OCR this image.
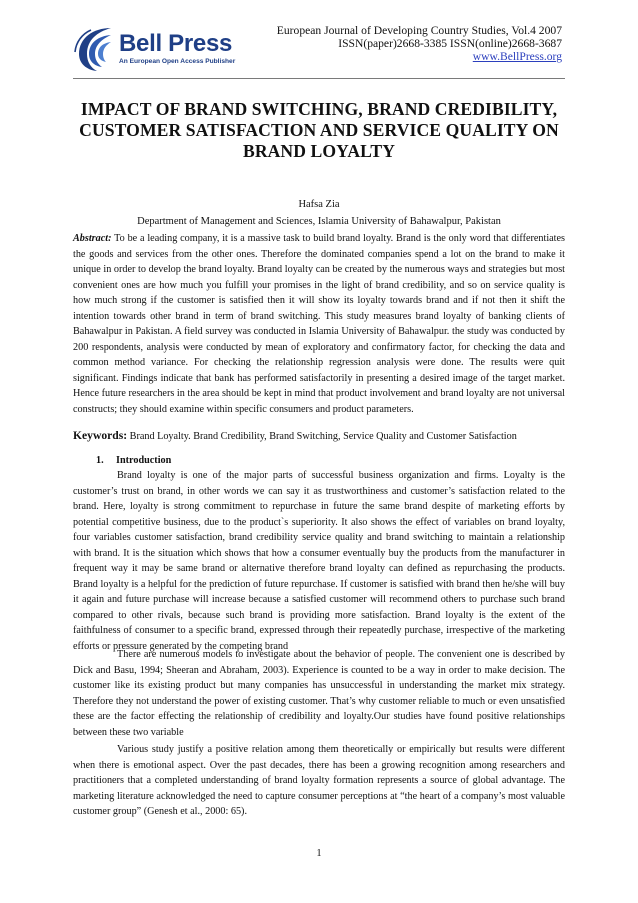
Bell Press
An European Open Access Publisher
European Journal of Developing Country Studies, Vol.4 2007
ISSN(paper)2668-3385 ISSN(online)2668-3687
www.BellPress.org
IMPACT OF BRAND SWITCHING, BRAND CREDIBILITY, CUSTOMER SATISFACTION AND SERVICE QUALITY ON BRAND LOYALTY
Hafsa Zia
Department of Management and Sciences, Islamia University of Bahawalpur, Pakistan
Abstract: To be a leading company, it is a massive task to build brand loyalty. Brand is the only word that differentiates the goods and services from the other ones. Therefore the dominated companies spend a lot on the brand to make it unique in order to develop the brand loyalty. Brand loyalty can be created by the numerous ways and strategies but most convenient ones are how much you fulfill your promises in the light of brand credibility, and so on service quality is how much strong if the customer is satisfied then it will show its loyalty towards brand and if not then it shift the intention towards other brand in term of brand switching. This study measures brand loyalty of banking clients of Bahawalpur in Pakistan. A field survey was conducted in Islamia University of Bahawalpur. the study was conducted by 200 respondents, analysis were conducted by mean of exploratory and confirmatory factor, for checking the data and common method variance. For checking the relationship regression analysis were done. The results were quit significant. Findings indicate that bank has performed satisfactorily in presenting a desired image of the target market. Hence future researchers in the area should be kept in mind that product involvement and brand loyalty are not universal constructs; they should examine within specific consumers and product parameters.
Keywords: Brand Loyalty. Brand Credibility, Brand Switching, Service Quality and Customer Satisfaction
1. Introduction
Brand loyalty is one of the major parts of successful business organization and firms. Loyalty is the customer’s trust on brand, in other words we can say it as trustworthiness and customer’s satisfaction related to the brand. Here, loyalty is strong commitment to repurchase in future the same brand despite of marketing efforts by potential competitive business, due to the product`s superiority. It also shows the effect of variables on brand loyalty, four variables customer satisfaction, brand credibility service quality and brand switching to maintain a relationship with brand. It is the situation which shows that how a consumer eventually buy the products from the manufacturer in frequent way it may be same brand or alternative therefore brand loyalty can defined as repurchasing the products. Brand loyalty is a helpful for the prediction of future repurchase. If customer is satisfied with brand then he/she will buy it again and future purchase will increase because a satisfied customer will recommend others to purchase such brand compared to other rivals, because such brand is providing more satisfaction. Brand loyalty is the extent of the faithfulness of consumer to a specific brand, expressed through their repeatedly purchase, irrespective of the marketing efforts or pressure generated by the competing brand
There are numerous models to investigate about the behavior of people. The convenient one is described by Dick and Basu, 1994; Sheeran and Abraham, 2003). Experience is counted to be a way in order to make decision. The customer like its existing product but many companies has unsuccessful in understanding the market mix strategy. Therefore they not understand the power of existing customer. That’s why customer reliable to much or even unsatisfied these are the factor effecting the relationship of credibility and loyalty.Our studies have found positive relationships between these two variable
Various study justify a positive relation among them theoretically or empirically but results were different when there is emotional aspect. Over the past decades, there has been a growing recognition among researchers and practitioners that a completed understanding of brand loyalty formation represents a source of global advantage. The marketing literature acknowledged the need to capture consumer perceptions at “the heart of a company’s most valuable customer group” (Genesh et al., 2000: 65).
1
